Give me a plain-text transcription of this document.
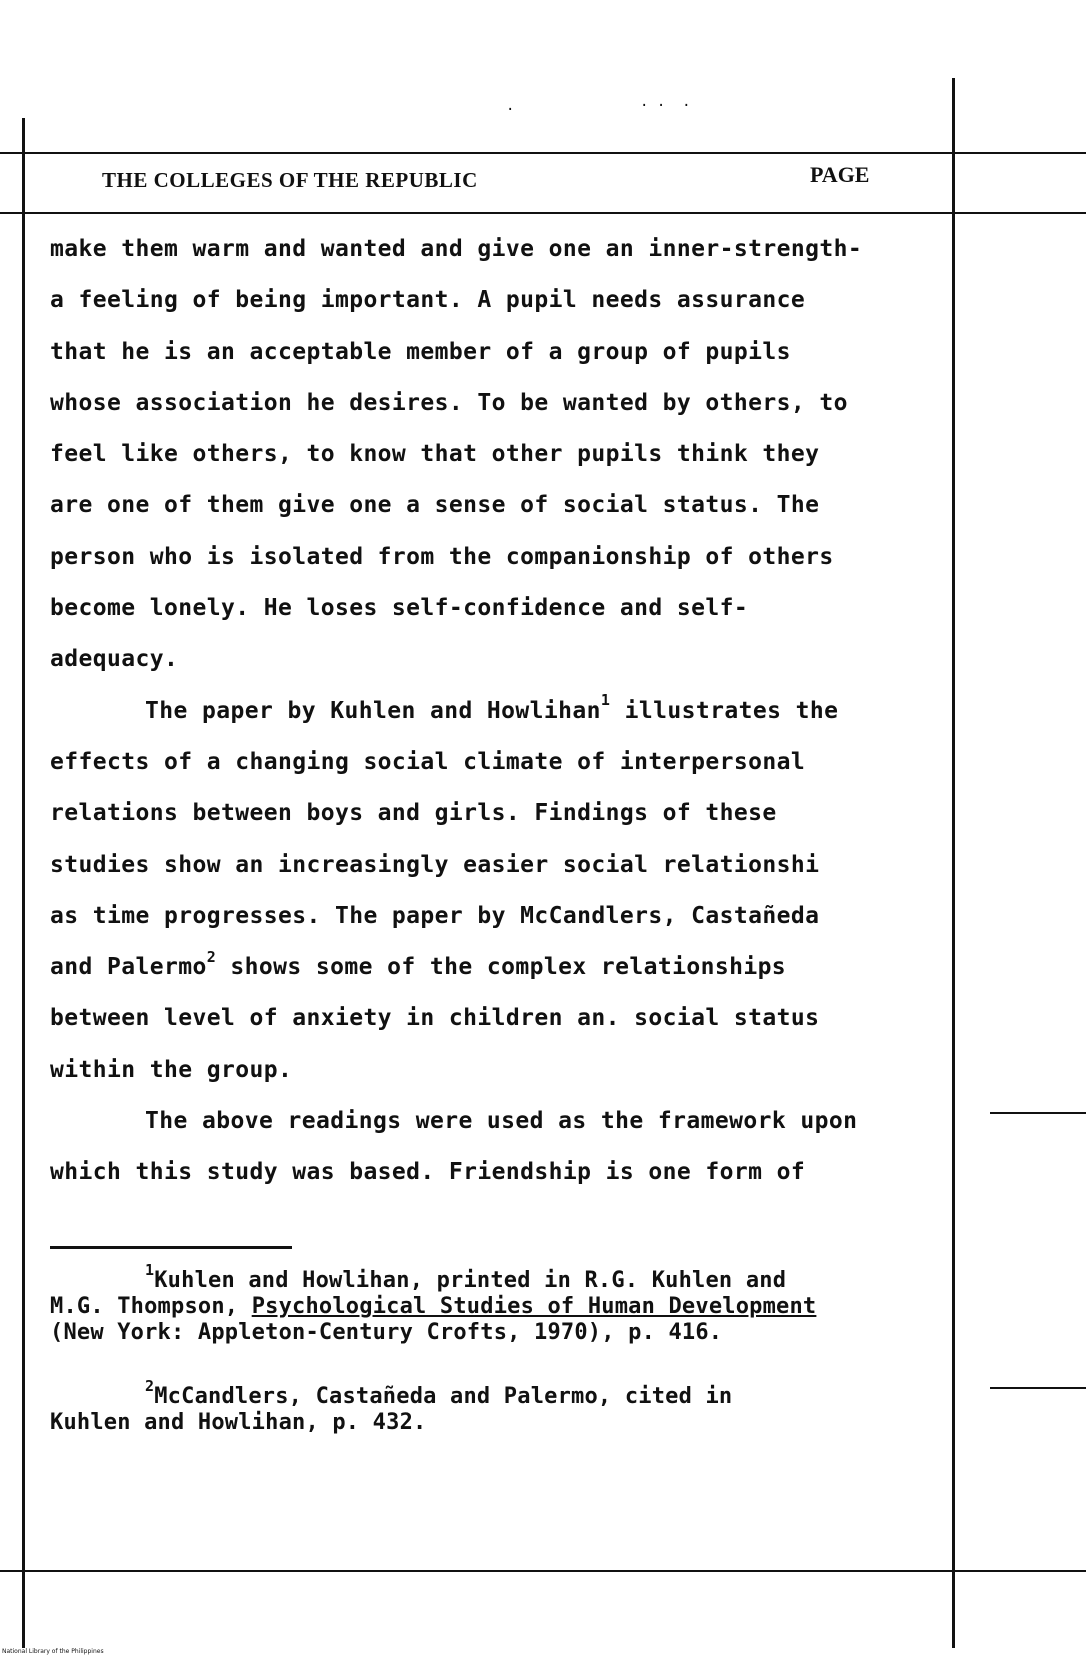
.	. .  .
THE COLLEGES OF THE REPUBLIC	PAGE
make them warm and wanted and give one an inner-strength-
a feeling of being important. A pupil needs assurance
that he is an acceptable member of a group of pupils
whose association he desires. To be wanted by others, to
feel like others, to know that other pupils think they
are one of them give one a sense of social status. The
person who is isolated from the companionship of others
become lonely. He loses self-confidence and self-
adequacy.
The paper by Kuhlen and Howlihan$^1$ illustrates the
effects of a changing social climate of interpersonal
relations between boys and girls. Findings of these
studies show an increasingly easier social relationshi
as time progresses. The paper by McCandlers, Castañeda
and Palermo$^2$ shows some of the complex relationships
between level of anxiety in children an. social status
within the group.
The above readings were used as the framework upon
which this study was based. Friendship is one form of
$^1$Kuhlen and Howlihan, printed in R.G. Kuhlen and
M.G. Thompson, Psychological Studies of Human Development
(New York: Appleton-Century Crofts, 1970), p. 416.
$^2$McCandlers, Castañeda and Palermo, cited in
Kuhlen and Howlihan, p. 432.
National Library of the Philippines
